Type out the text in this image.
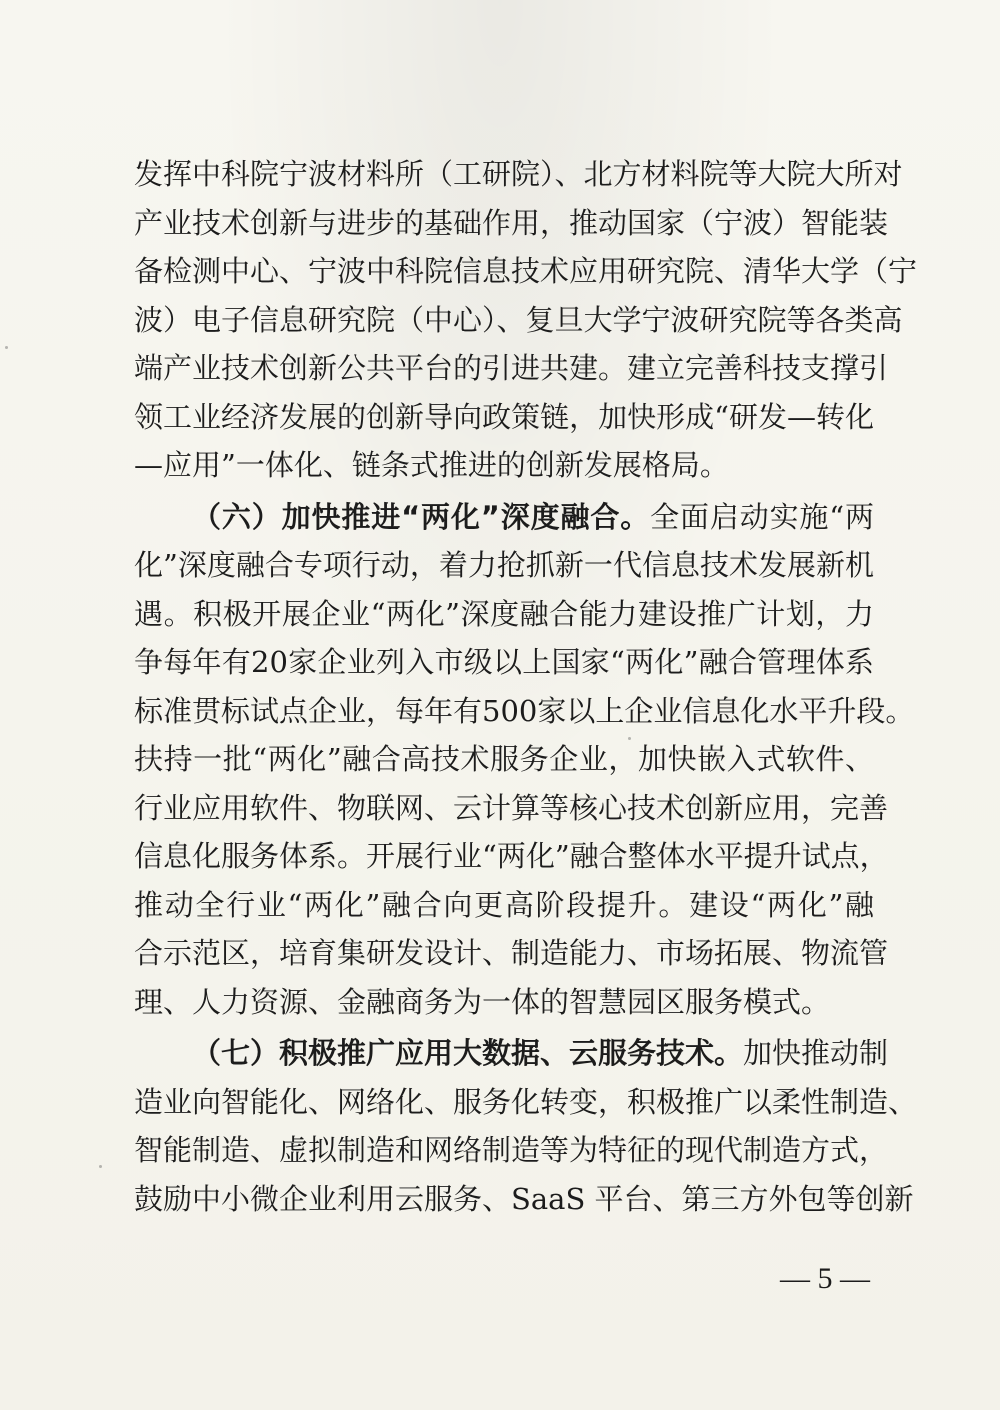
发挥中科院宁波材料所（工研院）、北方材料院等大院大所对
产业技术创新与进步的基础作用，推动国家（宁波）智能装
备检测中心、宁波中科院信息技术应用研究院、清华大学（宁
波）电子信息研究院（中心）、复旦大学宁波研究院等各类高
端产业技术创新公共平台的引进共建。建立完善科技支撑引
领工业经济发展的创新导向政策链，加快形成“研发—转化
—应用”一体化、链条式推进的创新发展格局。
（六）加快推进“两化”深度融合。全面启动实施“两
化”深度融合专项行动，着力抢抓新一代信息技术发展新机
遇。积极开展企业“两化”深度融合能力建设推广计划，力
争每年有20家企业列入市级以上国家“两化”融合管理体系
标准贯标试点企业，每年有500家以上企业信息化水平升段。
扶持一批“两化”融合高技术服务企业，加快嵌入式软件、
行业应用软件、物联网、云计算等核心技术创新应用，完善
信息化服务体系。开展行业“两化”融合整体水平提升试点，
推动全行业“两化”融合向更高阶段提升。建设“两化”融
合示范区，培育集研发设计、制造能力、市场拓展、物流管
理、人力资源、金融商务为一体的智慧园区服务模式。
（七）积极推广应用大数据、云服务技术。加快推动制
造业向智能化、网络化、服务化转变，积极推广以柔性制造、
智能制造、虚拟制造和网络制造等为特征的现代制造方式，
鼓励中小微企业利用云服务、SaaS 平台、第三方外包等创新
— 5 —
